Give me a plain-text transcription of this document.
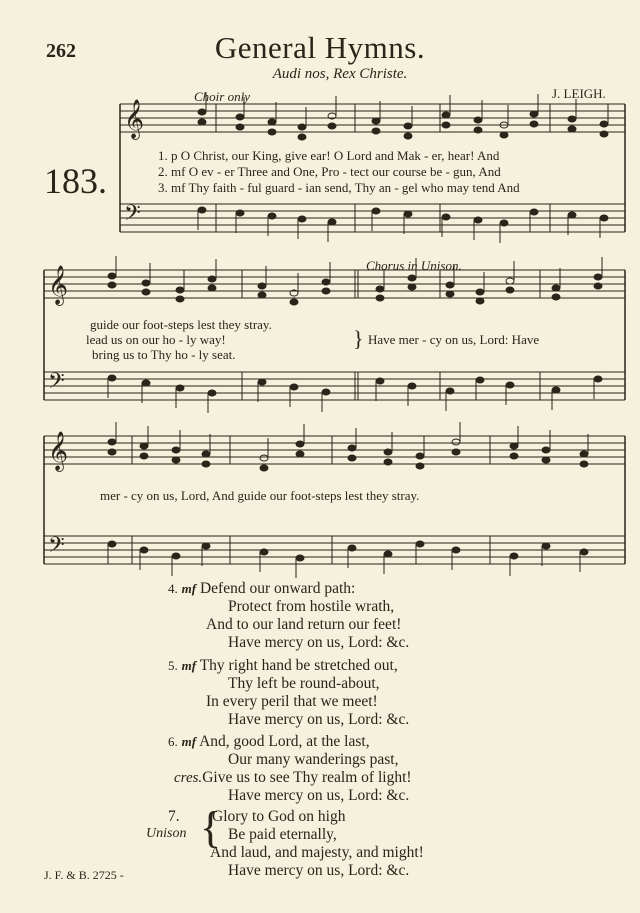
262	General Hymns.
Audi nos, Rex Christe.
J. LEIGH.
183.
Choir only
Chorus in Unison.
𝄞
𝄢
𝄞
𝄢
𝄞
𝄢
1. p O Christ, our King, give ear! O Lord and Mak - er, hear! And
2. mf O ev - er Three and One, Pro - tect our course be - gun, And
3. mf Thy faith - ful guard - ian send, Thy an - gel who may tend And
guide our foot-steps lest they stray.
lead us on our ho - ly way!
bring us to Thy ho - ly seat.
} Have mer - cy on us, Lord: Have
mer - cy on us, Lord, And guide our foot-steps lest they stray.
4. mf Defend our onward path:
Protect from hostile wrath,
And to our land return our feet!
Have mercy on us, Lord: &c.
5. mf Thy right hand be stretched out,
Thy left be round-about,
In every peril that we meet!
Have mercy on us, Lord: &c.
6. mf And, good Lord, at the last,
Our many wanderings past,
cres.Give us to see Thy realm of light!
Have mercy on us, Lord: &c.
7.
Unison {
Glory to God on high
Be paid eternally,
And laud, and majesty, and might!
Have mercy on us, Lord: &c.
J. F. & B. 2725 -
